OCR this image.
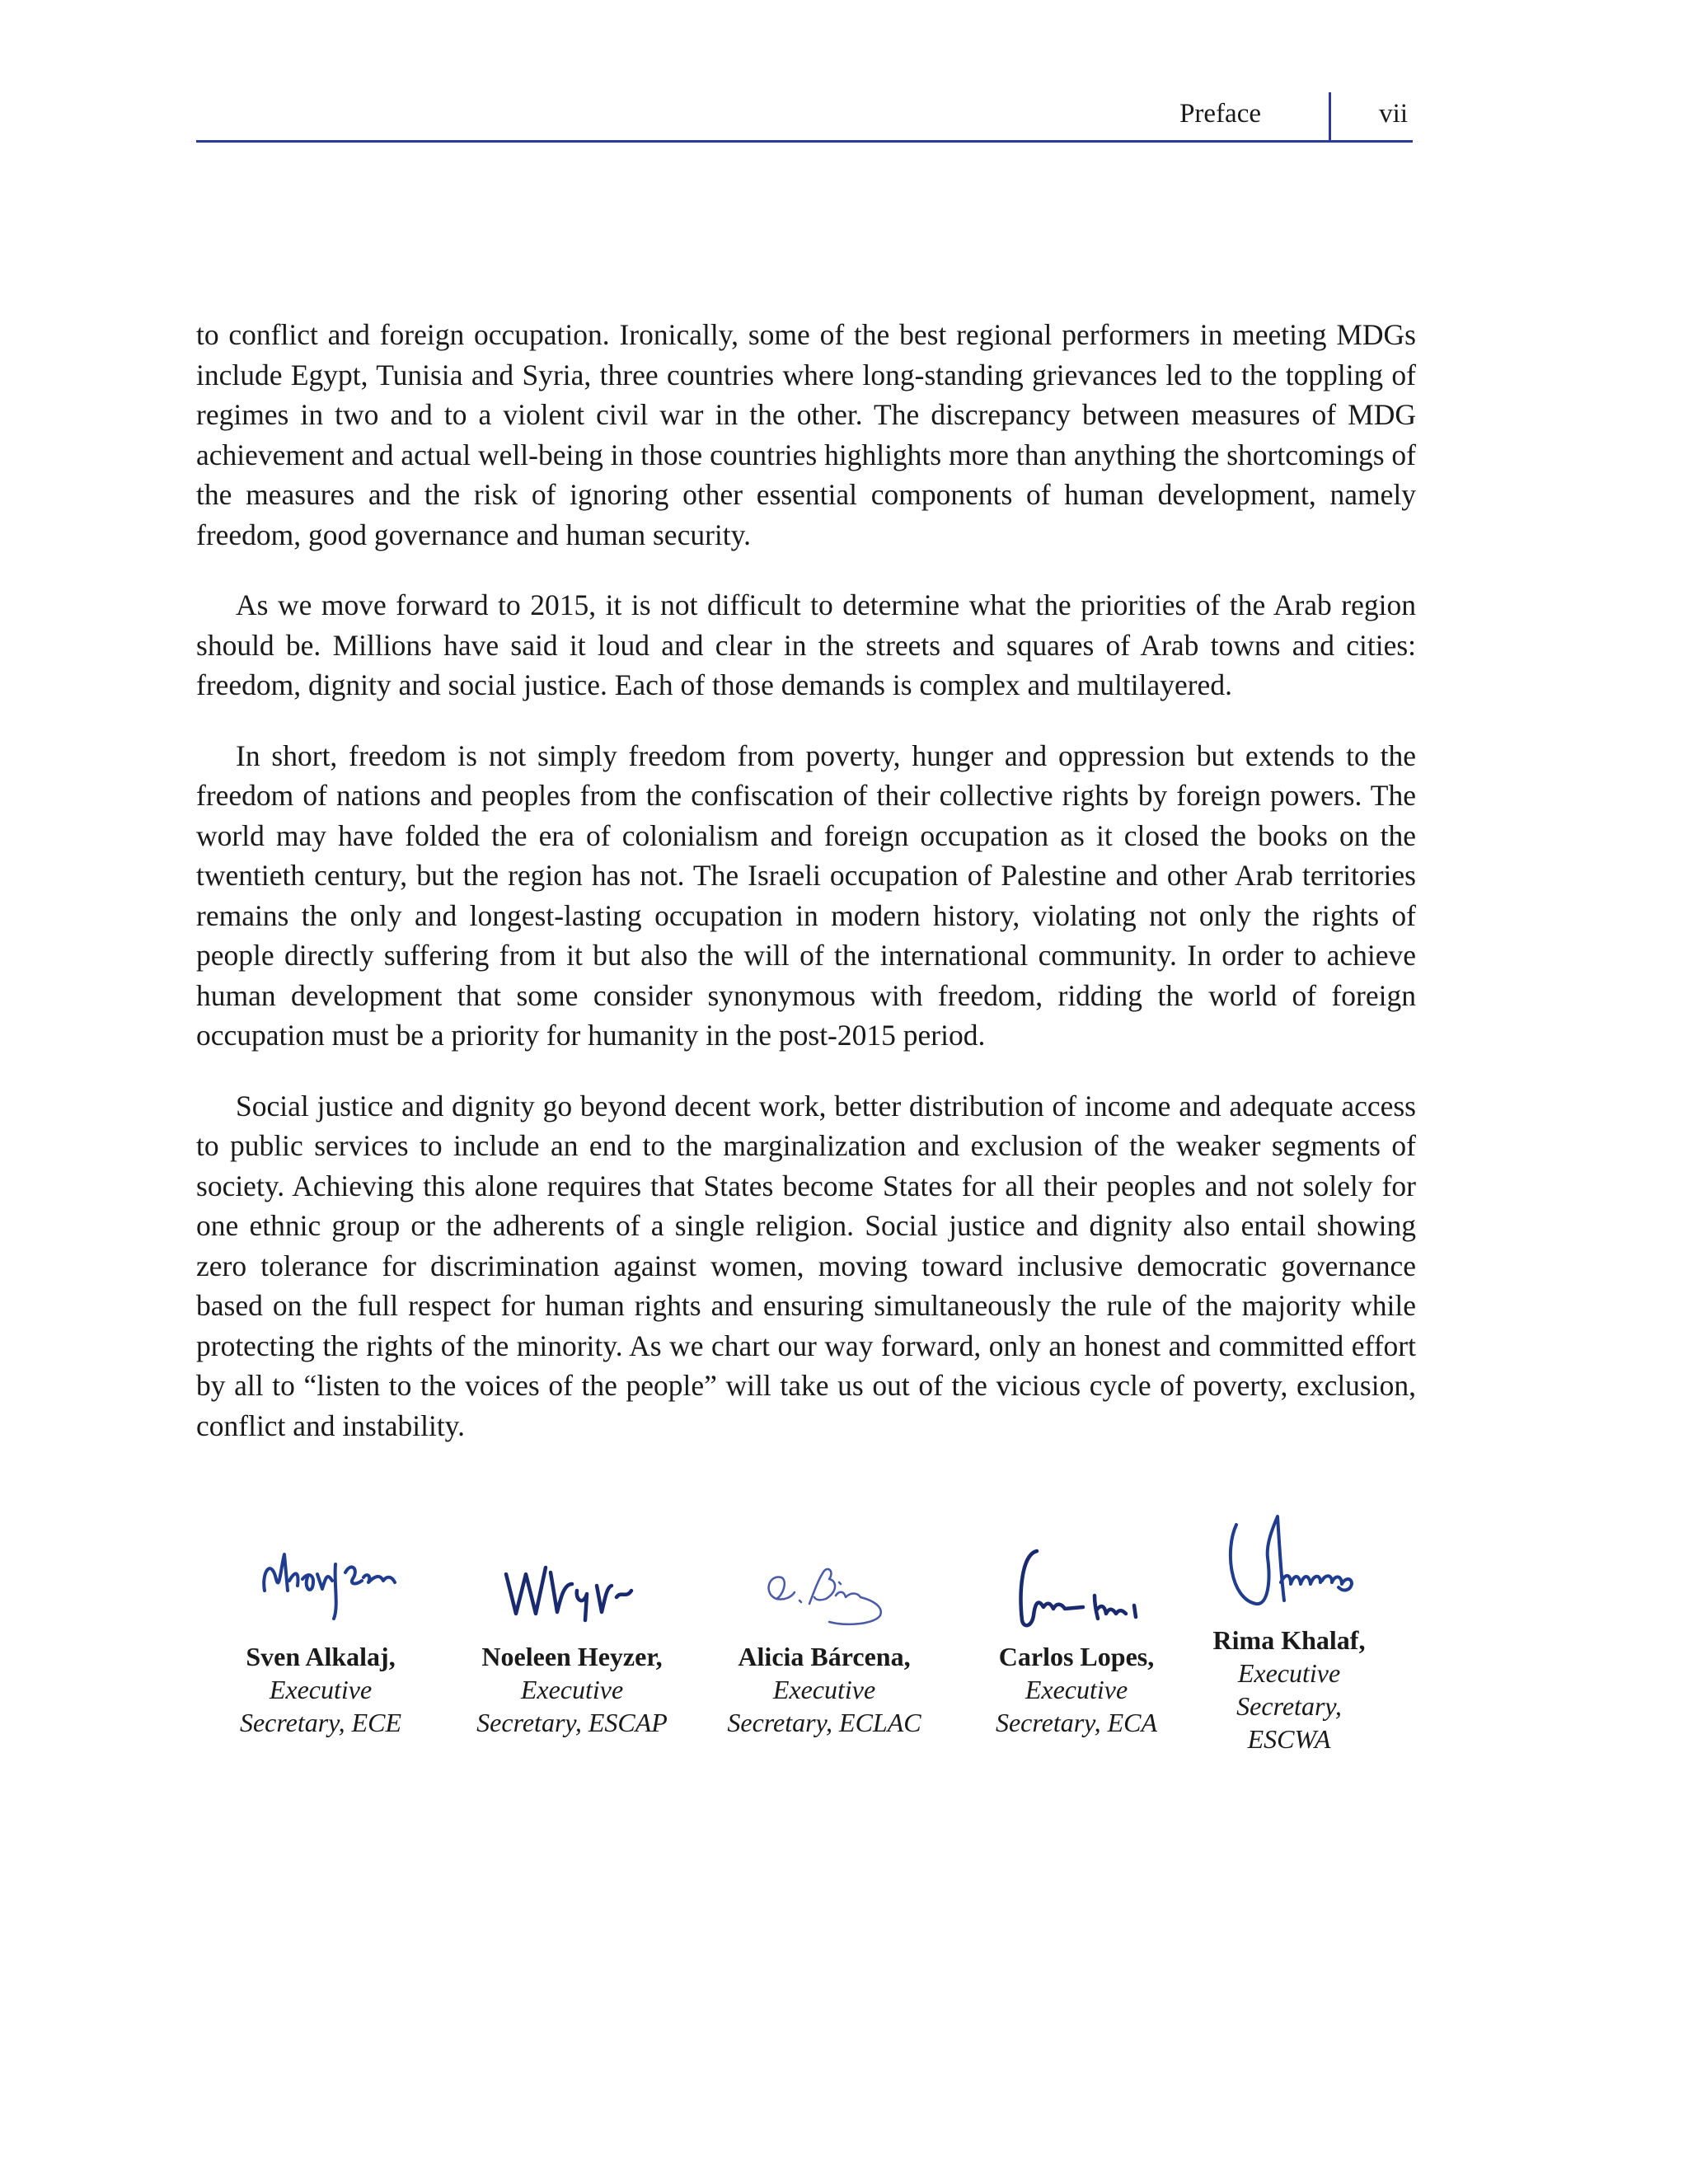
Preface	vii

to conflict and foreign occupation. Ironically, some of the best regional performers in meeting MDGs include Egypt, Tunisia and Syria, three countries where long-standing grievances led to the toppling of regimes in two and to a violent civil war in the other. The discrepancy between measures of MDG achievement and actual well-being in those countries highlights more than anything the shortcomings of the measures and the risk of ignoring other essential components of human development, namely freedom, good governance and human security.

As we move forward to 2015, it is not difficult to determine what the priorities of the Arab region should be. Millions have said it loud and clear in the streets and squares of Arab towns and cities: freedom, dignity and social justice. Each of those demands is complex and multilayered.

In short, freedom is not simply freedom from poverty, hunger and oppression but extends to the freedom of nations and peoples from the confiscation of their collective rights by foreign powers. The world may have folded the era of colonialism and foreign occupation as it closed the books on the twentieth century, but the region has not. The Israeli occupation of Palestine and other Arab territories remains the only and longest-lasting occupation in modern history, violating not only the rights of people directly suffering from it but also the will of the international community. In order to achieve human development that some consider synonymous with freedom, ridding the world of foreign occupation must be a priority for humanity in the post-2015 period.

Social justice and dignity go beyond decent work, better distribution of income and adequate access to public services to include an end to the marginalization and exclusion of the weaker segments of society. Achieving this alone requires that States become States for all their peoples and not solely for one ethnic group or the adherents of a single religion. Social justice and dignity also entail showing zero tolerance for discrimination against women, moving toward inclusive democratic governance based on the full respect for human rights and ensuring simultaneously the rule of the majority while protecting the rights of the minority. As we chart our way forward, only an honest and committed effort by all to “listen to the voices of the people” will take us out of the vicious cycle of poverty, exclusion, conflict and instability.

Sven Alkalaj,
Executive
Secretary, ECE
Noeleen Heyzer,
Executive
Secretary, ESCAP
Alicia Bárcena,
Executive
Secretary, ECLAC
Carlos Lopes,
Executive
Secretary, ECA
Rima Khalaf,
Executive
Secretary,
ESCWA
